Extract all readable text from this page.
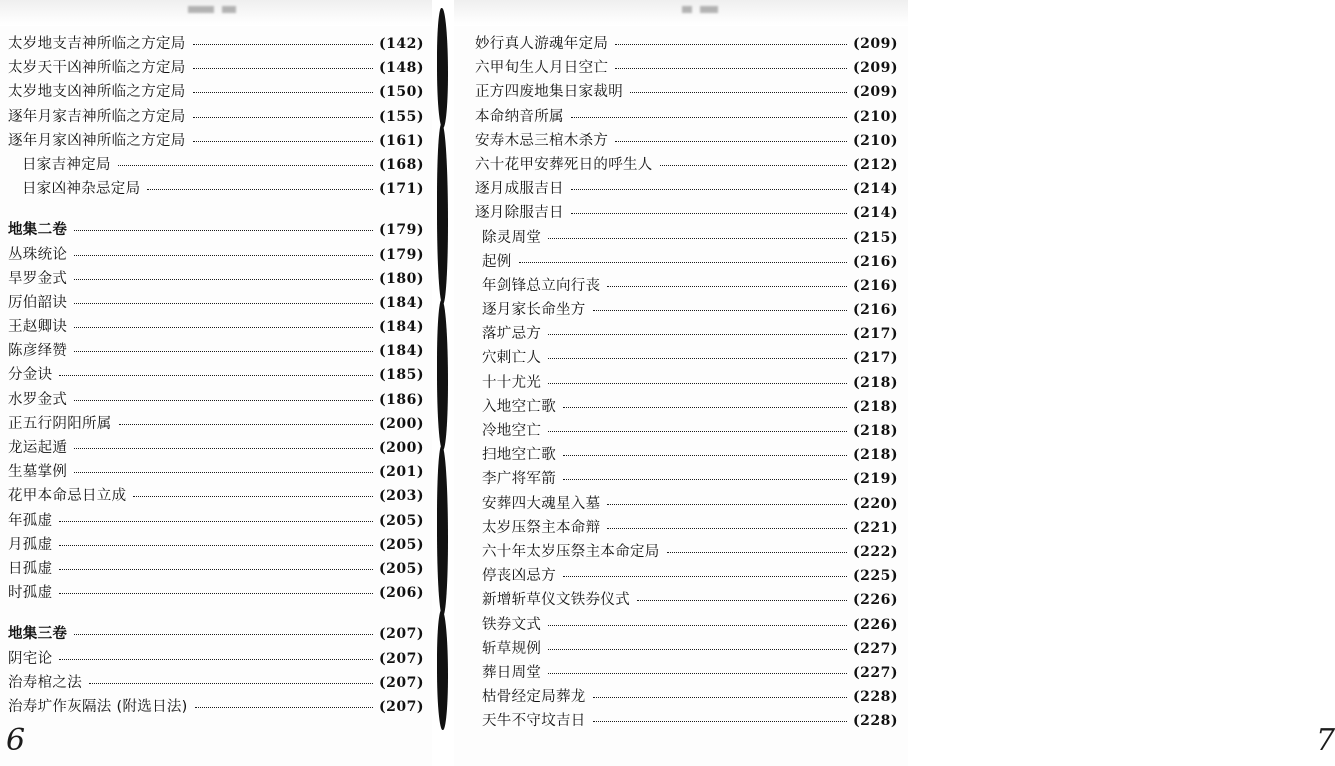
太岁地支吉神所临之方定局	(142)
太岁天干凶神所临之方定局	(148)
太岁地支凶神所临之方定局	(150)
逐年月家吉神所临之方定局	(155)
逐年月家凶神所临之方定局	(161)
日家吉神定局	(168)
日家凶神杂忌定局	(171)
地集二卷	(179)
丛珠统论	(179)
旱罗金式	(180)
厉伯韶诀	(184)
王赵卿诀	(184)
陈彦绎赞	(184)
分金诀	(185)
水罗金式	(186)
正五行阴阳所属	(200)
龙运起遁	(200)
生墓掌例	(201)
花甲本命忌日立成	(203)
年孤虚	(205)
月孤虚	(205)
日孤虚	(205)
时孤虚	(206)
地集三卷	(207)
阴宅论	(207)
治寿棺之法	(207)
治寿圹作灰隔法 (附选日法)	(207)
6
妙行真人游魂年定局	(209)
六甲旬生人月日空亡	(209)
正方四废地集日家裁明	(209)
本命纳音所属	(210)
安寿木忌三棺木杀方	(210)
六十花甲安葬死日的呼生人	(212)
逐月成服吉日	(214)
逐月除服吉日	(214)
除灵周堂	(215)
起例	(216)
年剑锋总立向行丧	(216)
逐月家长命坐方	(216)
落圹忌方	(217)
穴剌亡人	(217)
十十尤光	(218)
入地空亡歌	(218)
冷地空亡	(218)
扫地空亡歌	(218)
李广将军箭	(219)
安葬四大魂星入墓	(220)
太岁压祭主本命辩	(221)
六十年太岁压祭主本命定局	(222)
停丧凶忌方	(225)
新增斩草仪文铁券仪式	(226)
铁券文式	(226)
斩草规例	(227)
葬日周堂	(227)
枯骨经定局葬龙	(228)
天牛不守坟吉日	(228)
7
